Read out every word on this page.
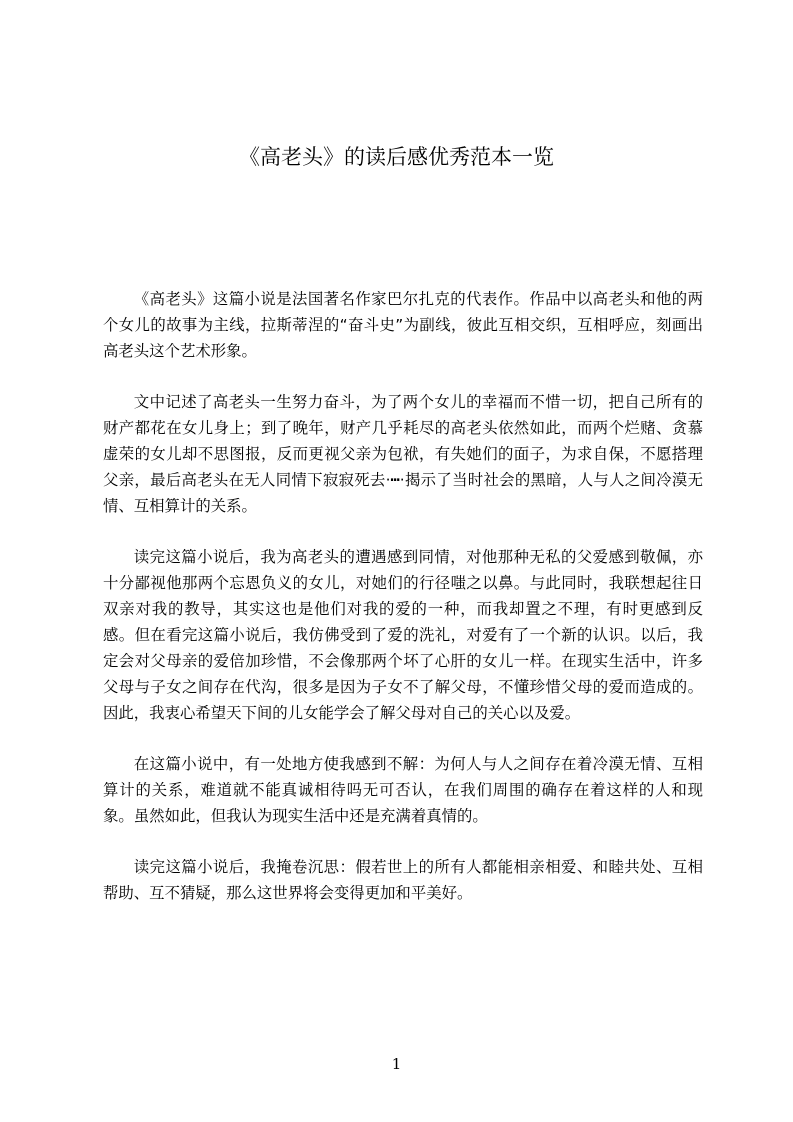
《高老头》的读后感优秀范本一览

《高老头》这篇小说是法国著名作家巴尔扎克的代表作。作品中以高老头和他的两个女儿的故事为主线，拉斯蒂涅的“奋斗史”为副线，彼此互相交织，互相呼应，刻画出高老头这个艺术形象。

文中记述了高老头一生努力奋斗，为了两个女儿的幸福而不惜一切，把自己所有的财产都花在女儿身上；到了晚年，财产几乎耗尽的高老头依然如此，而两个烂赌、贪慕虚荣的女儿却不思图报，反而更视父亲为包袱，有失她们的面子，为求自保，不愿搭理父亲，最后高老头在无人同情下寂寂死去·┅·揭示了当时社会的黑暗，人与人之间冷漠无情、互相算计的关系。

读完这篇小说后，我为高老头的遭遇感到同情，对他那种无私的父爱感到敬佩，亦十分鄙视他那两个忘恩负义的女儿，对她们的行径嗤之以鼻。与此同时，我联想起往日双亲对我的教导，其实这也是他们对我的爱的一种，而我却置之不理，有时更感到反感。但在看完这篇小说后，我仿佛受到了爱的洗礼，对爱有了一个新的认识。以后，我定会对父母亲的爱倍加珍惜，不会像那两个坏了心肝的女儿一样。在现实生活中，许多父母与子女之间存在代沟，很多是因为子女不了解父母，不懂珍惜父母的爱而造成的。因此，我衷心希望天下间的儿女能学会了解父母对自己的关心以及爱。

在这篇小说中，有一处地方使我感到不解：为何人与人之间存在着冷漠无情、互相算计的关系，难道就不能真诚相待吗无可否认，在我们周围的确存在着这样的人和现象。虽然如此，但我认为现实生活中还是充满着真情的。

读完这篇小说后，我掩卷沉思：假若世上的所有人都能相亲相爱、和睦共处、互相帮助、互不猜疑，那么这世界将会变得更加和平美好。

1
